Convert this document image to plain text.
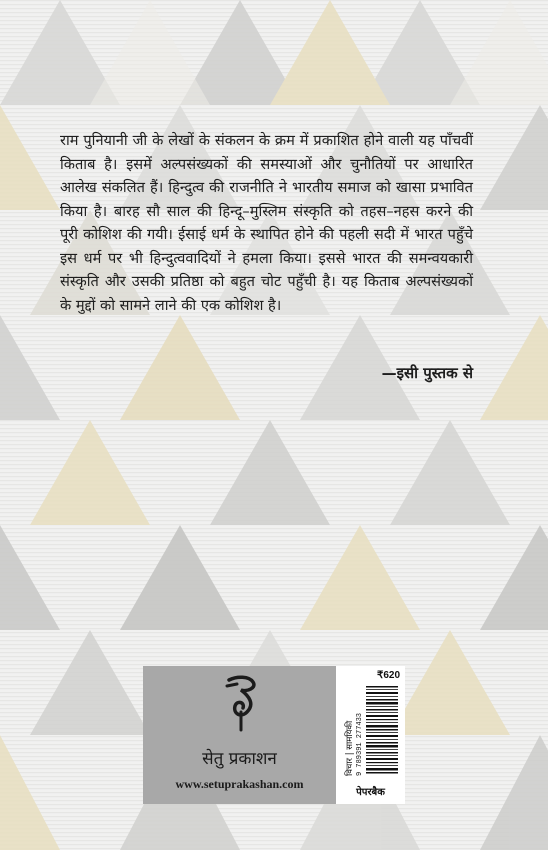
राम पुनियानी जी के लेखों के संकलन के क्रम में प्रकाशित होने वाली यह पाँचवीं किताब है। इसमें अल्पसंख्यकों की समस्याओं और चुनौतियों पर आधारित आलेख संकलित हैं। हिन्दुत्व की राजनीति ने भारतीय समाज को खासा प्रभावित किया है। बारह सौ साल की हिन्दू–मुस्लिम संस्कृति को तहस–नहस करने की पूरी कोशिश की गयी। ईसाई धर्म के स्थापित होने की पहली सदी में भारत पहुँचे इस धर्म पर भी हिन्दुत्ववादियों ने हमला किया। इससे भारत की समन्वयकारी संस्कृति और उसकी प्रतिष्ठा को बहुत चोट पहुँची है। यह किताब अल्पसंख्यकों के मुद्दों को सामने लाने की एक कोशिश है।

—इसी पुस्तक से
सेतु प्रकाशन
www.setuprakashan.com
₹620
विचार | सामयिकी 9 789391 277433
पेपरबैक
